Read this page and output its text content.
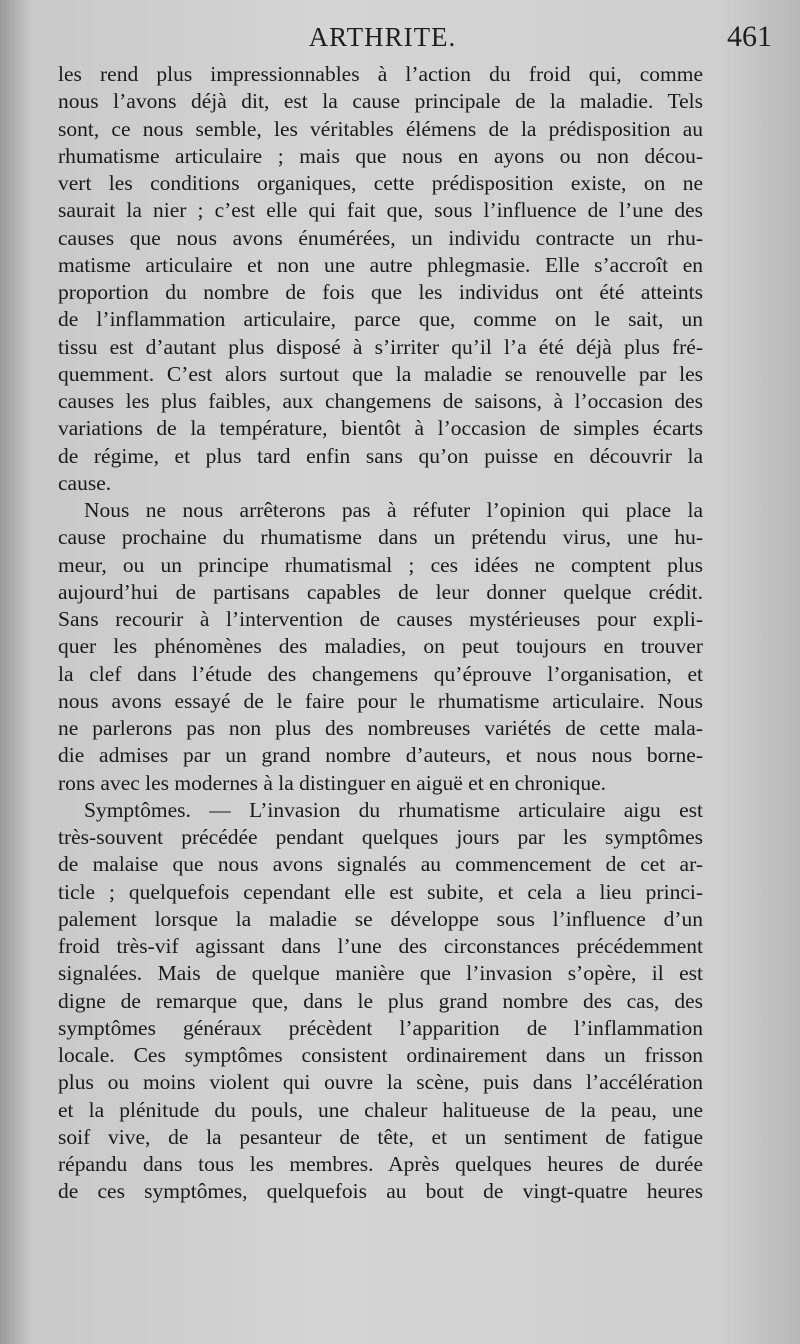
ARTHRITE.	461
les rend plus impressionnables à l’action du froid qui, comme
nous l’avons déjà dit, est la cause principale de la maladie. Tels
sont, ce nous semble, les véritables élémens de la prédisposition au
rhumatisme articulaire ; mais que nous en ayons ou non décou-
vert les conditions organiques, cette prédisposition existe, on ne
saurait la nier ; c’est elle qui fait que, sous l’influence de l’une des
causes que nous avons énumérées, un individu contracte un rhu-
matisme articulaire et non une autre phlegmasie. Elle s’accroît en
proportion du nombre de fois que les individus ont été atteints
de l’inflammation articulaire, parce que, comme on le sait, un
tissu est d’autant plus disposé à s’irriter qu’il l’a été déjà plus fré-
quemment. C’est alors surtout que la maladie se renouvelle par les
causes les plus faibles, aux changemens de saisons, à l’occasion des
variations de la température, bientôt à l’occasion de simples écarts
de régime, et plus tard enfin sans qu’on puisse en découvrir la
cause.
Nous ne nous arrêterons pas à réfuter l’opinion qui place la
cause prochaine du rhumatisme dans un prétendu virus, une hu-
meur, ou un principe rhumatismal ; ces idées ne comptent plus
aujourd’hui de partisans capables de leur donner quelque crédit.
Sans recourir à l’intervention de causes mystérieuses pour expli-
quer les phénomènes des maladies, on peut toujours en trouver
la clef dans l’étude des changemens qu’éprouve l’organisation, et
nous avons essayé de le faire pour le rhumatisme articulaire. Nous
ne parlerons pas non plus des nombreuses variétés de cette mala-
die admises par un grand nombre d’auteurs, et nous nous borne-
rons avec les modernes à la distinguer en aiguë et en chronique.
Symptômes. — L’invasion du rhumatisme articulaire aigu est
très-souvent précédée pendant quelques jours par les symptômes
de malaise que nous avons signalés au commencement de cet ar-
ticle ; quelquefois cependant elle est subite, et cela a lieu princi-
palement lorsque la maladie se développe sous l’influence d’un
froid très-vif agissant dans l’une des circonstances précédemment
signalées. Mais de quelque manière que l’invasion s’opère, il est
digne de remarque que, dans le plus grand nombre des cas, des
symptômes généraux précèdent l’apparition de l’inflammation
locale. Ces symptômes consistent ordinairement dans un frisson
plus ou moins violent qui ouvre la scène, puis dans l’accélération
et la plénitude du pouls, une chaleur halitueuse de la peau, une
soif vive, de la pesanteur de tête, et un sentiment de fatigue
répandu dans tous les membres. Après quelques heures de durée
de ces symptômes, quelquefois au bout de vingt-quatre heures
